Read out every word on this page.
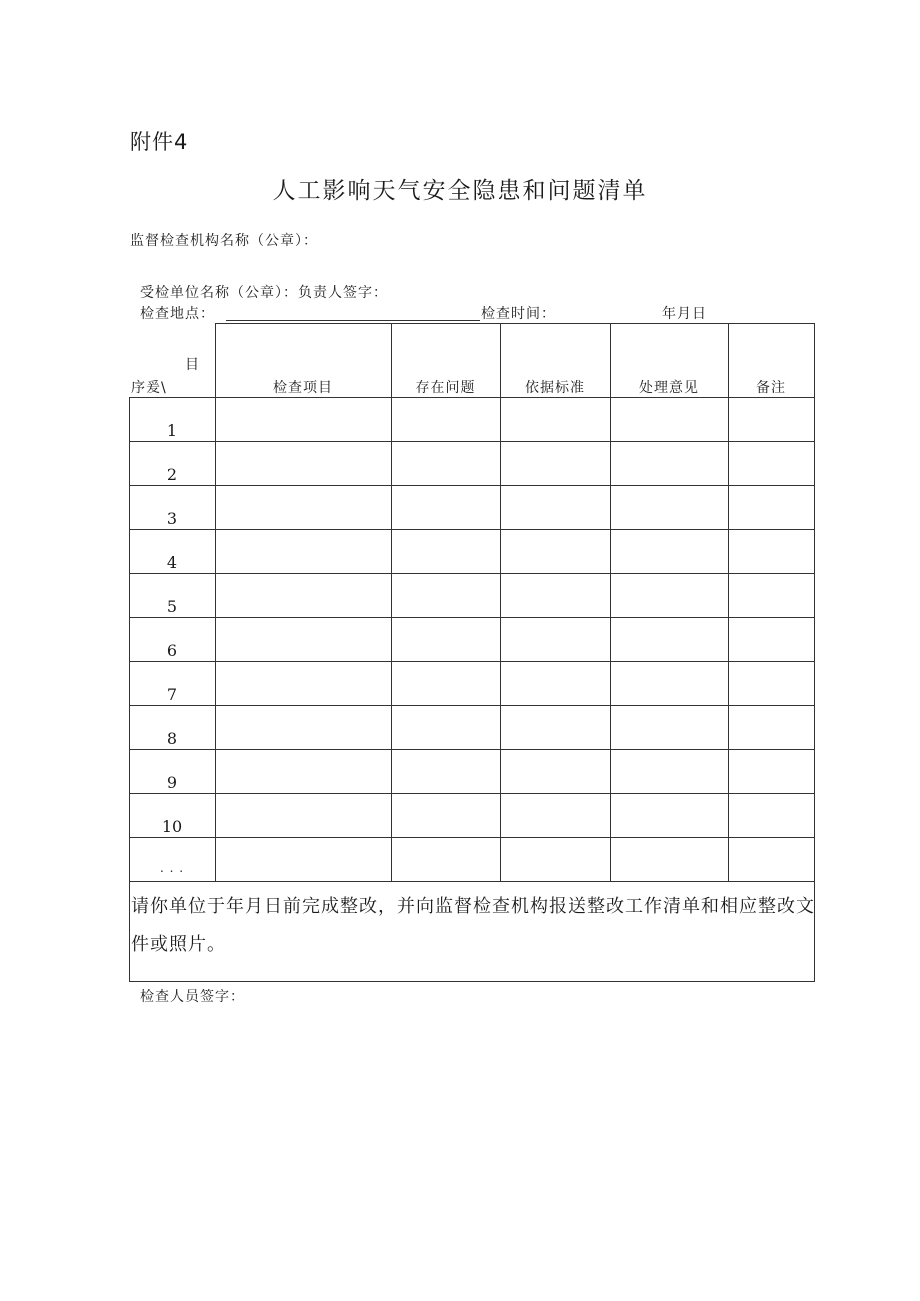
附件4
人工影响天气安全隐患和问题清单
监督检查机构名称（公章）：
受检单位名称（公章）：负责人签字：
检查地点：	检查时间：	年月日
目
序爰\	检查项目	存在问题	依据标准	处理意见	备注
1
2
3
4
5
6
7
8
9
10
. . .
请你单位于年月日前完成整改，并向监督检查机构报送整改工作清单和相应整改文件或照片。
检查人员签字：
